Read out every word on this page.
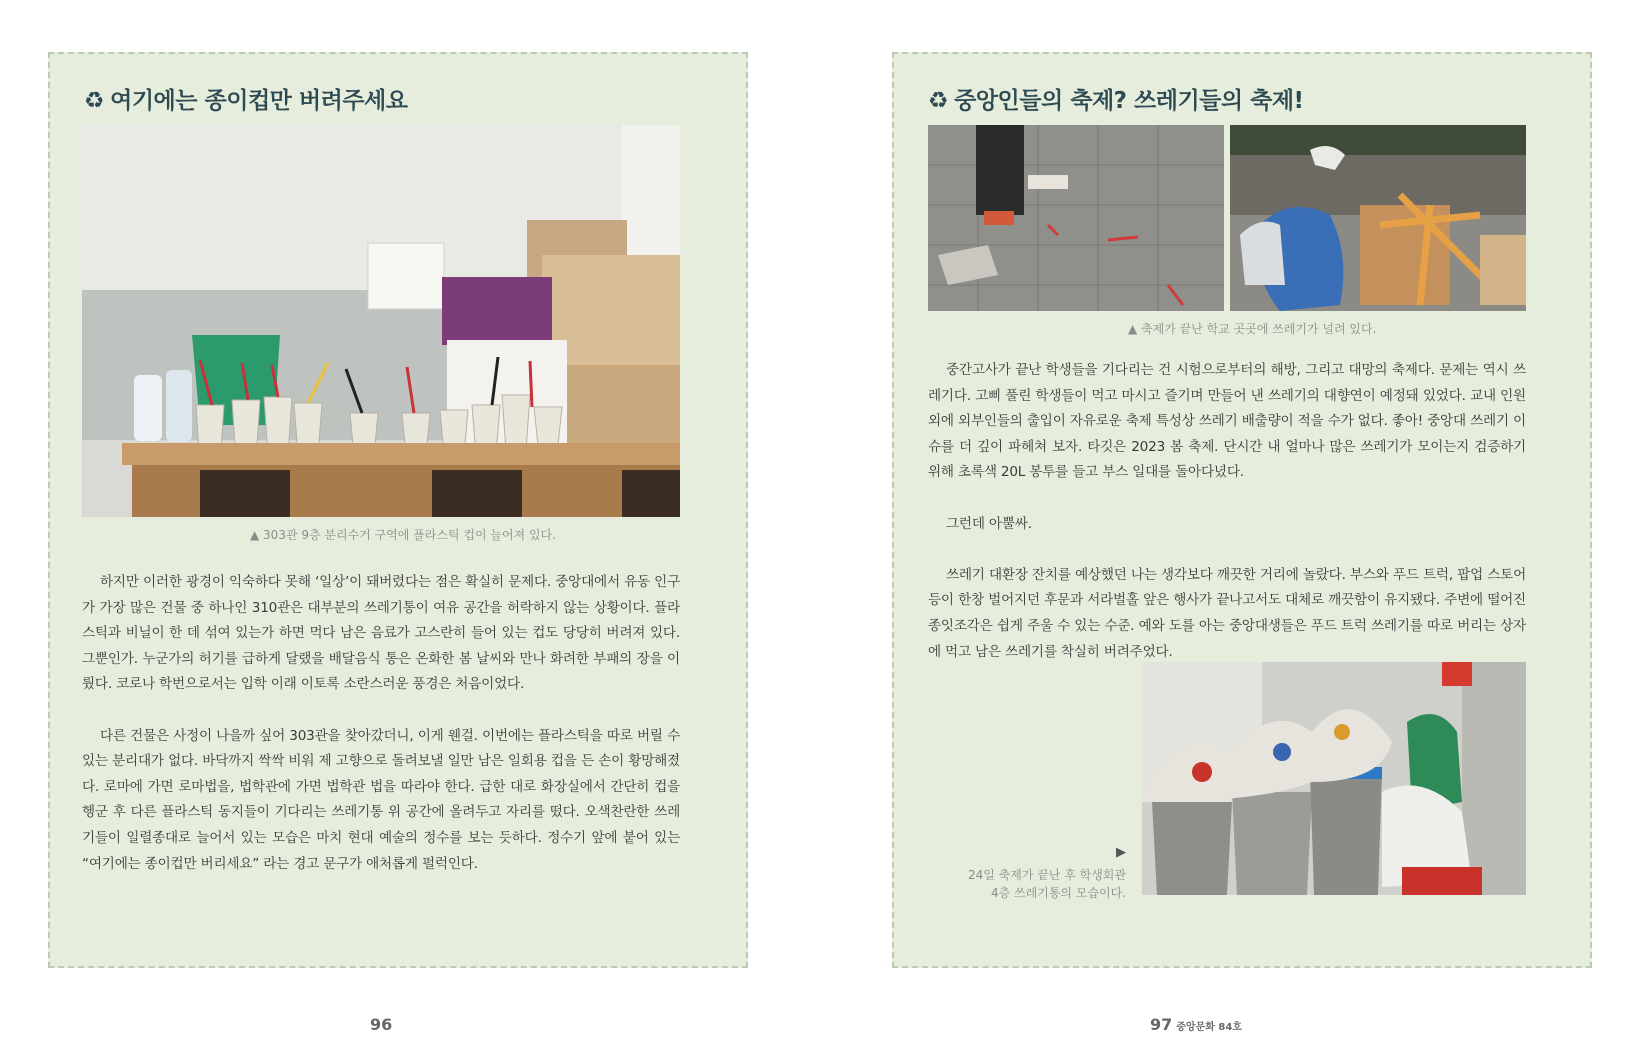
♻ 여기에는 종이컵만 버려주세요
▲ 303관 9층 분리수거 구역에 플라스틱 컵이 늘어져 있다.

하지만 이러한 광경이 익숙하다 못해 ‘일상’이 돼버렸다는 점은 확실히 문제다. 중앙대에서 유동 인구가 가장 많은 건물 중 하나인 310관은 대부분의 쓰레기통이 여유 공간을 허락하지 않는 상황이다. 플라스틱과 비닐이 한 데 섞여 있는가 하면 먹다 남은 음료가 고스란히 들어 있는 컵도 당당히 버려져 있다. 그뿐인가. 누군가의 허기를 급하게 달랬을 배달음식 통은 온화한 봄 날씨와 만나 화려한 부패의 장을 이뤘다. 코로나 학번으로서는 입학 이래 이토록 소란스러운 풍경은 처음이었다.

다른 건물은 사정이 나을까 싶어 303관을 찾아갔더니, 이게 웬걸. 이번에는 플라스틱을 따로 버릴 수 있는 분리대가 없다. 바닥까지 싹싹 비워 제 고향으로 돌려보낼 일만 남은 일회용 컵을 든 손이 황망해졌다. 로마에 가면 로마법을, 법학관에 가면 법학관 법을 따라야 한다. 급한 대로 화장실에서 간단히 컵을 헹군 후 다른 플라스틱 동지들이 기다리는 쓰레기통 위 공간에 올려두고 자리를 떴다. 오색찬란한 쓰레기들이 일렬종대로 늘어서 있는 모습은 마치 현대 예술의 정수를 보는 듯하다. 정수기 앞에 붙어 있는 “여기에는 종이컵만 버리세요” 라는 경고 문구가 애처롭게 펄럭인다.

♻ 중앙인들의 축제? 쓰레기들의 축제!
▲ 축제가 끝난 학교 곳곳에 쓰레기가 널려 있다.

중간고사가 끝난 학생들을 기다리는 건 시험으로부터의 해방, 그리고 대망의 축제다. 문제는 역시 쓰레기다. 고삐 풀린 학생들이 먹고 마시고 즐기며 만들어 낸 쓰레기의 대향연이 예정돼 있었다. 교내 인원 외에 외부인들의 출입이 자유로운 축제 특성상 쓰레기 배출량이 적을 수가 없다. 좋아! 중앙대 쓰레기 이슈를 더 깊이 파헤쳐 보자. 타깃은 2023 봄 축제. 단시간 내 얼마나 많은 쓰레기가 모이는지 검증하기 위해 초록색 20L 봉투를 들고 부스 일대를 돌아다녔다.

그런데 아뿔싸.

쓰레기 대환장 잔치를 예상했던 나는 생각보다 깨끗한 거리에 놀랐다. 부스와 푸드 트럭, 팝업 스토어 등이 한창 벌어지던 후문과 서라벌홀 앞은 행사가 끝나고서도 대체로 깨끗함이 유지됐다. 주변에 떨어진 종잇조각은 쉽게 주울 수 있는 수준. 예와 도를 아는 중앙대생들은 푸드 트럭 쓰레기를 따로 버리는 상자에 먹고 남은 쓰레기를 착실히 버려주었다.

▶
24일 축제가 끝난 후 학생회관
4층 쓰레기통의 모습이다.
96	97 중앙문화 84호
